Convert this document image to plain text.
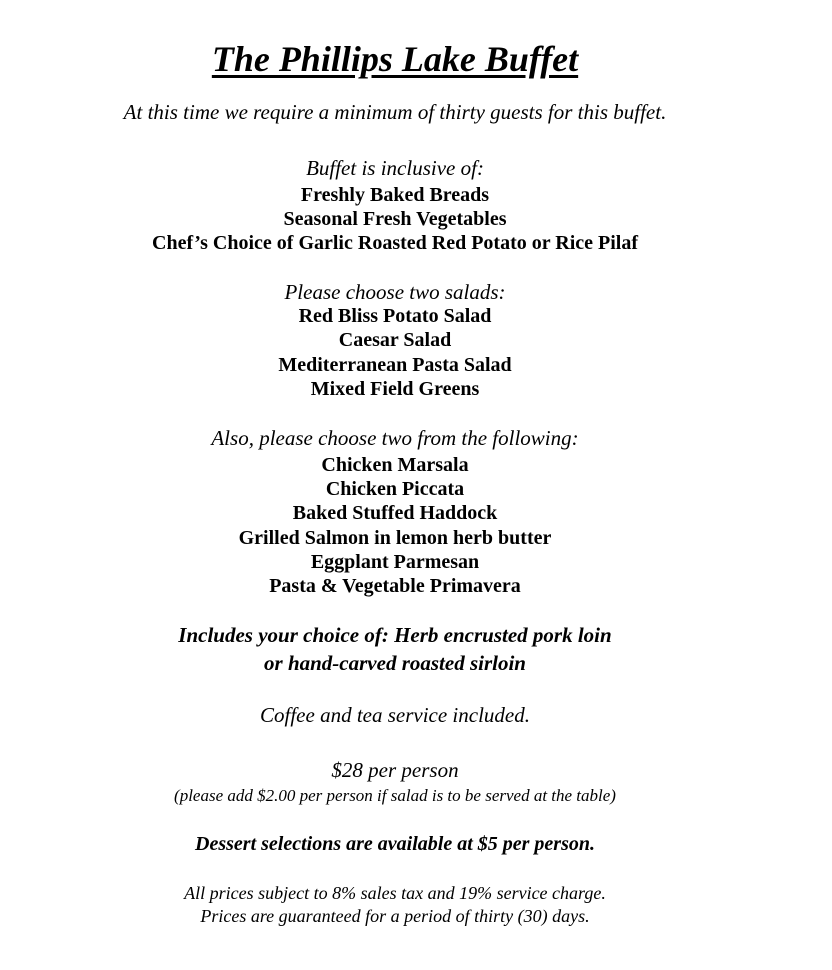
The Phillips Lake Buffet
At this time we require a minimum of thirty guests for this buffet.
Buffet is inclusive of:
Freshly Baked Breads
Seasonal Fresh Vegetables
Chef’s Choice of Garlic Roasted Red Potato or Rice Pilaf
Please choose two salads:
Red Bliss Potato Salad
Caesar Salad
Mediterranean Pasta Salad
Mixed Field Greens
Also, please choose two from the following:
Chicken Marsala
Chicken Piccata
Baked Stuffed Haddock
Grilled Salmon in lemon herb butter
Eggplant Parmesan
Pasta & Vegetable Primavera
Includes your choice of: Herb encrusted pork loin
or hand-carved roasted sirloin
Coffee and tea service included.
$28 per person
(please add $2.00 per person if salad is to be served at the table)
Dessert selections are available at $5 per person.
All prices subject to 8% sales tax and 19% service charge.
Prices are guaranteed for a period of thirty (30) days.
